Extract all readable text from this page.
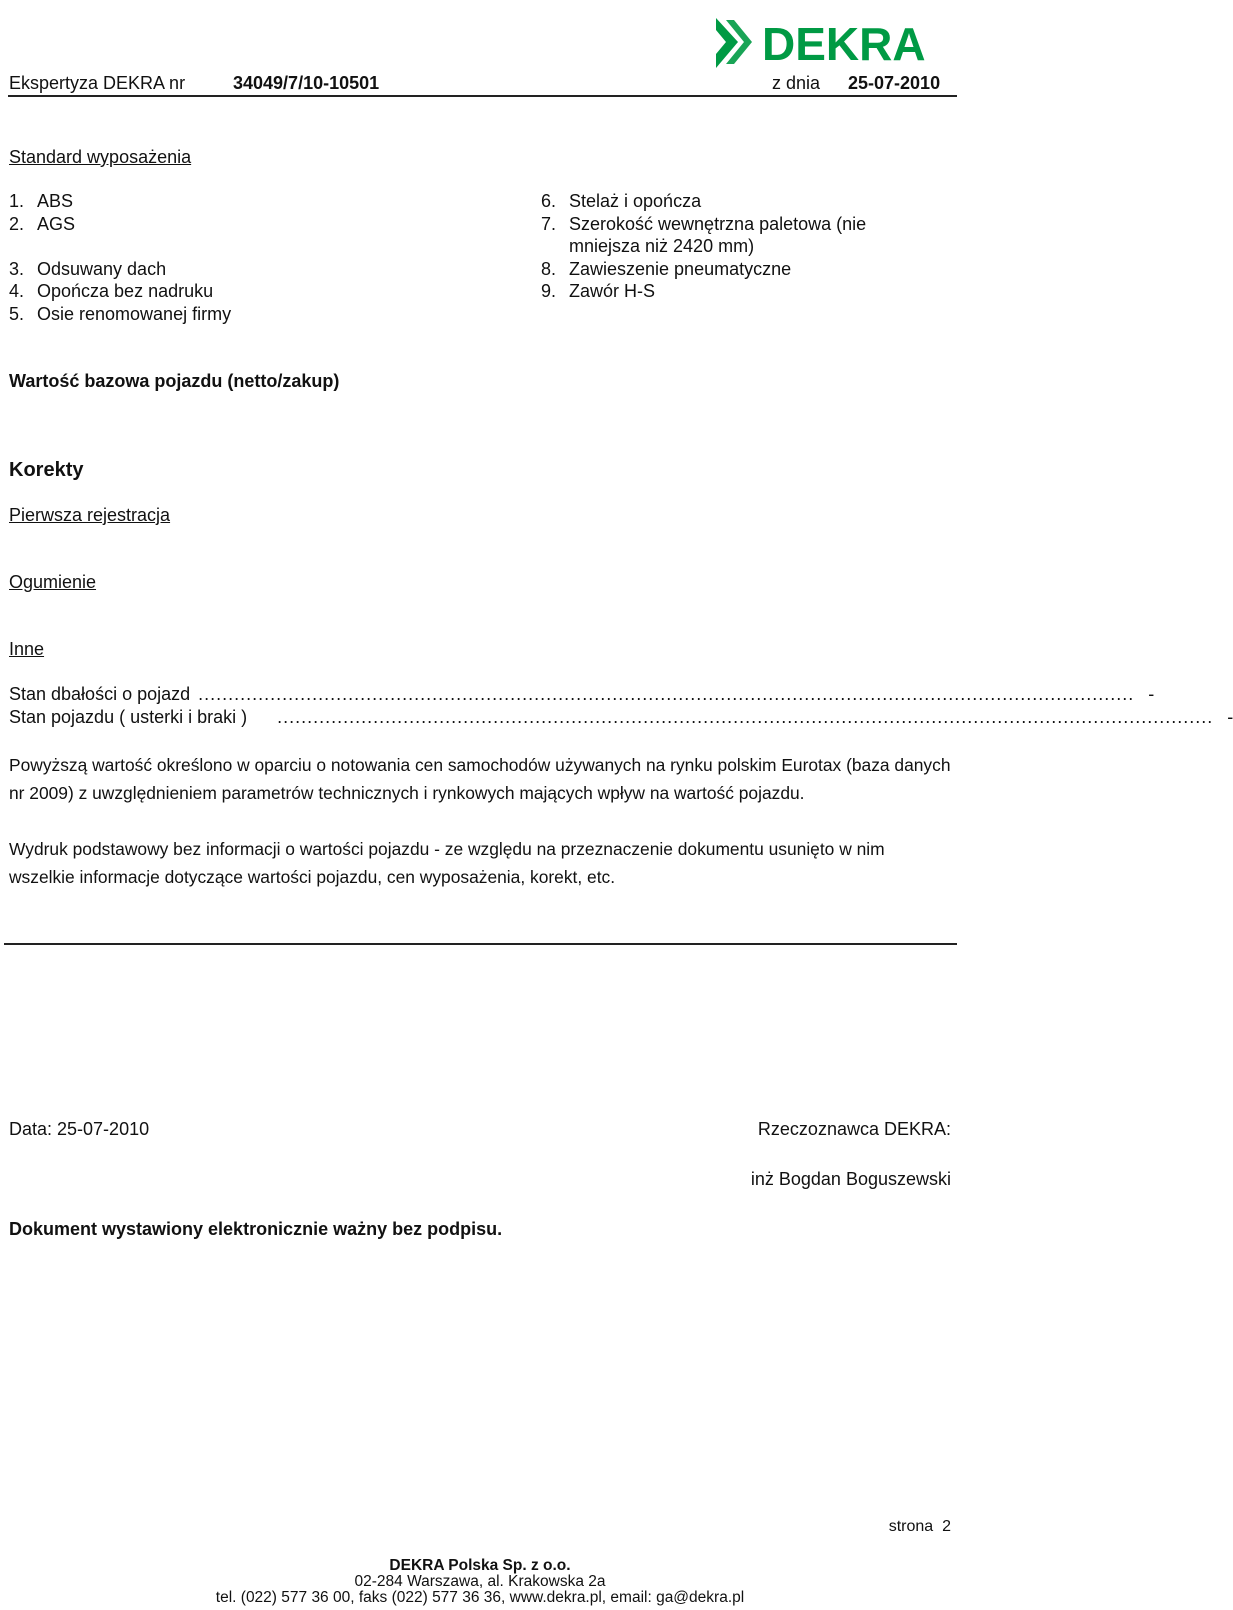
DEKRA
Ekspertyza DEKRA nr	34049/7/10-10501	z dnia 25-07-2010
Standard wyposażenia
1. ABS
2. AGS
3. Odsuwany dach
4. Opończa bez nadruku
5. Osie renomowanej firmy
6. Stelaż i opończa
7. Szerokość wewnętrzna paletowa (nie mniejsza niż 2420 mm)
8. Zawieszenie pneumatyczne
9. Zawór H-S
Wartość bazowa pojazdu (netto/zakup)
Korekty
Pierwsza rejestracja
Ogumienie
Inne
Stan dbałości o pojazd ............................................................................................................................................................ -
Stan pojazdu ( usterki i braki ) ............................................................................................................................................................ -
Powyższą wartość określono w oparciu o notowania cen samochodów używanych na rynku polskim Eurotax (baza danych nr 2009) z uwzględnieniem parametrów technicznych i rynkowych mających wpływ na wartość pojazdu.
Wydruk podstawowy bez informacji o wartości pojazdu - ze względu na przeznaczenie dokumentu usunięto w nim wszelkie informacje dotyczące wartości pojazdu, cen wyposażenia, korekt, etc.
Data: 25-07-2010	Rzeczoznawca DEKRA:
inż Bogdan Boguszewski
Dokument wystawiony elektronicznie ważny bez podpisu.
strona 2
DEKRA Polska Sp. z o.o.
02-284 Warszawa, al. Krakowska 2a
tel. (022) 577 36 00, faks (022) 577 36 36, www.dekra.pl, email: ga@dekra.pl
